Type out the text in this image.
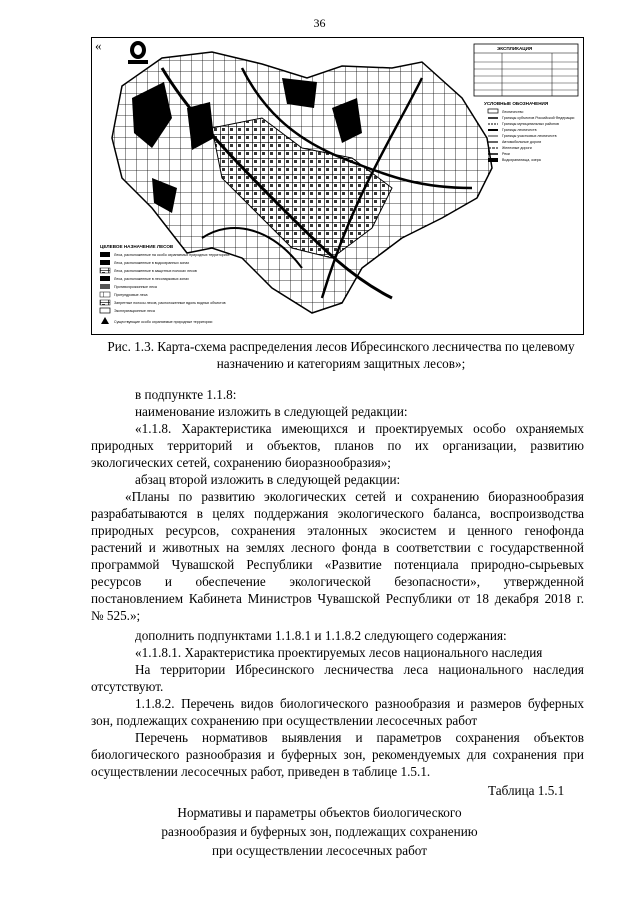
36
ЭКСПЛИКАЦИЯ
УСЛОВНЫЕ ОБОЗНАЧЕНИЯ
Лесничество
Границы субъектов Российской Федерации
Границы муниципальных районов
Границы лесничеств
Границы участковых лесничеств
Автомобильные дороги
Железные дороги
Реки
Водохранилища, озера
ЦЕЛЕВОЕ НАЗНАЧЕНИЕ ЛЕСОВ
Леса, расположенные на особо охраняемых природных территориях
Леса, расположенные в водоохранных зонах
Леса, расположенные в защитных полосах лесов
Леса, расположенные в лесопарковых зонах
Противоэрозионные леса
Притундровые леса
Запретные полосы лесов, расположенные вдоль водных объектов
Эксплуатационные леса
Существующие особо охраняемые природные территории
«
Рис. 1.3. Карта-схема распределения лесов Ибресинского лесничества по целевому назначению и категориям защитных лесов»;
в подпункте 1.1.8:
наименование изложить в следующей редакции:
«1.1.8. Характеристика имеющихся и проектируемых особо охраняемых
природных территорий и объектов, планов по их организации, развитию
экологических сетей, сохранению биоразнообразия»;
абзац второй изложить в следующей редакции:
«Планы по развитию экологических сетей и сохранению биоразнообразия
разрабатываются в целях поддержания экологического баланса, воспроизводства
природных ресурсов, сохранения эталонных экосистем и ценного генофонда
растений и животных на землях лесного фонда в соответствии с государственной
программой Чувашской Республики «Развитие потенциала природно-сырьевых
ресурсов и обеспечение экологической безопасности», утвержденной
постановлением Кабинета Министров Чувашской Республики от 18 декабря 2018 г.
№ 525.»;
дополнить подпунктами 1.1.8.1 и 1.1.8.2 следующего содержания:
«1.1.8.1. Характеристика проектируемых лесов национального наследия
На территории Ибресинского лесничества леса национального наследия
отсутствуют.
1.1.8.2. Перечень видов биологического разнообразия и размеров буферных
зон, подлежащих сохранению при осуществлении лесосечных работ
Перечень нормативов выявления и параметров сохранения объектов
биологического разнообразия и буферных зон, рекомендуемых для сохранения при
осуществлении лесосечных работ, приведен в таблице 1.5.1.
Таблица 1.5.1
Нормативы и параметры объектов биологического
разнообразия и буферных зон, подлежащих сохранению
при осуществлении лесосечных работ
